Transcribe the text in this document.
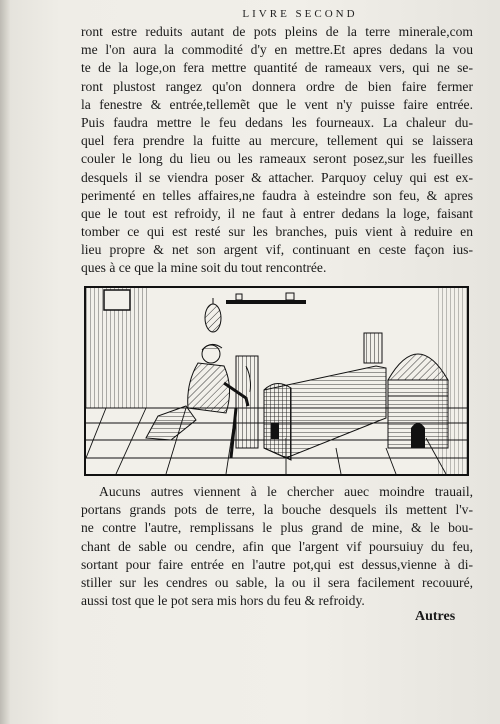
LIVRE SECOND
ront estre reduits autant de pots pleins de la terre minerale,com
me l'on aura la commodité d'y en mettre.Et apres dedans la vou
te de la loge,on fera mettre quantité de rameaux vers, qui ne se-
ront plustost rangez qu'on donnera ordre de bien faire fermer
la fenestre & entrée,tellemẽt que le vent n'y puisse faire entrée.
Puis faudra mettre le feu dedans les fourneaux. La chaleur du-
quel fera prendre la fuitte au mercure, tellement qui se laissera
couler le long du lieu ou les rameaux seront posez,sur les fueilles
desquels il se viendra poser & attacher. Parquoy celuy qui est ex-
perimenté en telles affaires,ne faudra à esteindre son feu, & apres
que le tout est refroidy, il ne faut à entrer dedans la loge, faisant
tomber ce qui est resté sur les branches, puis vient à reduire en
lieu propre & net son argent vif, continuant en ceste façon ius-
ques à ce que la mine soit du tout rencontrée.
Aucuns autres viennent à le chercher auec moindre trauail,
portans grands pots de terre, la bouche desquels ils mettent l'v-
ne contre l'autre, remplissans le plus grand de mine, & le bou-
chant de sable ou cendre, afin que l'argent vif poursuiuy du feu,
sortant pour faire entrée en l'autre pot,qui est dessus,vienne à di-
stiller sur les cendres ou sable, la ou il sera facilement recouuré,
aussi tost que le pot sera mis hors du feu & refroidy.
Autres
